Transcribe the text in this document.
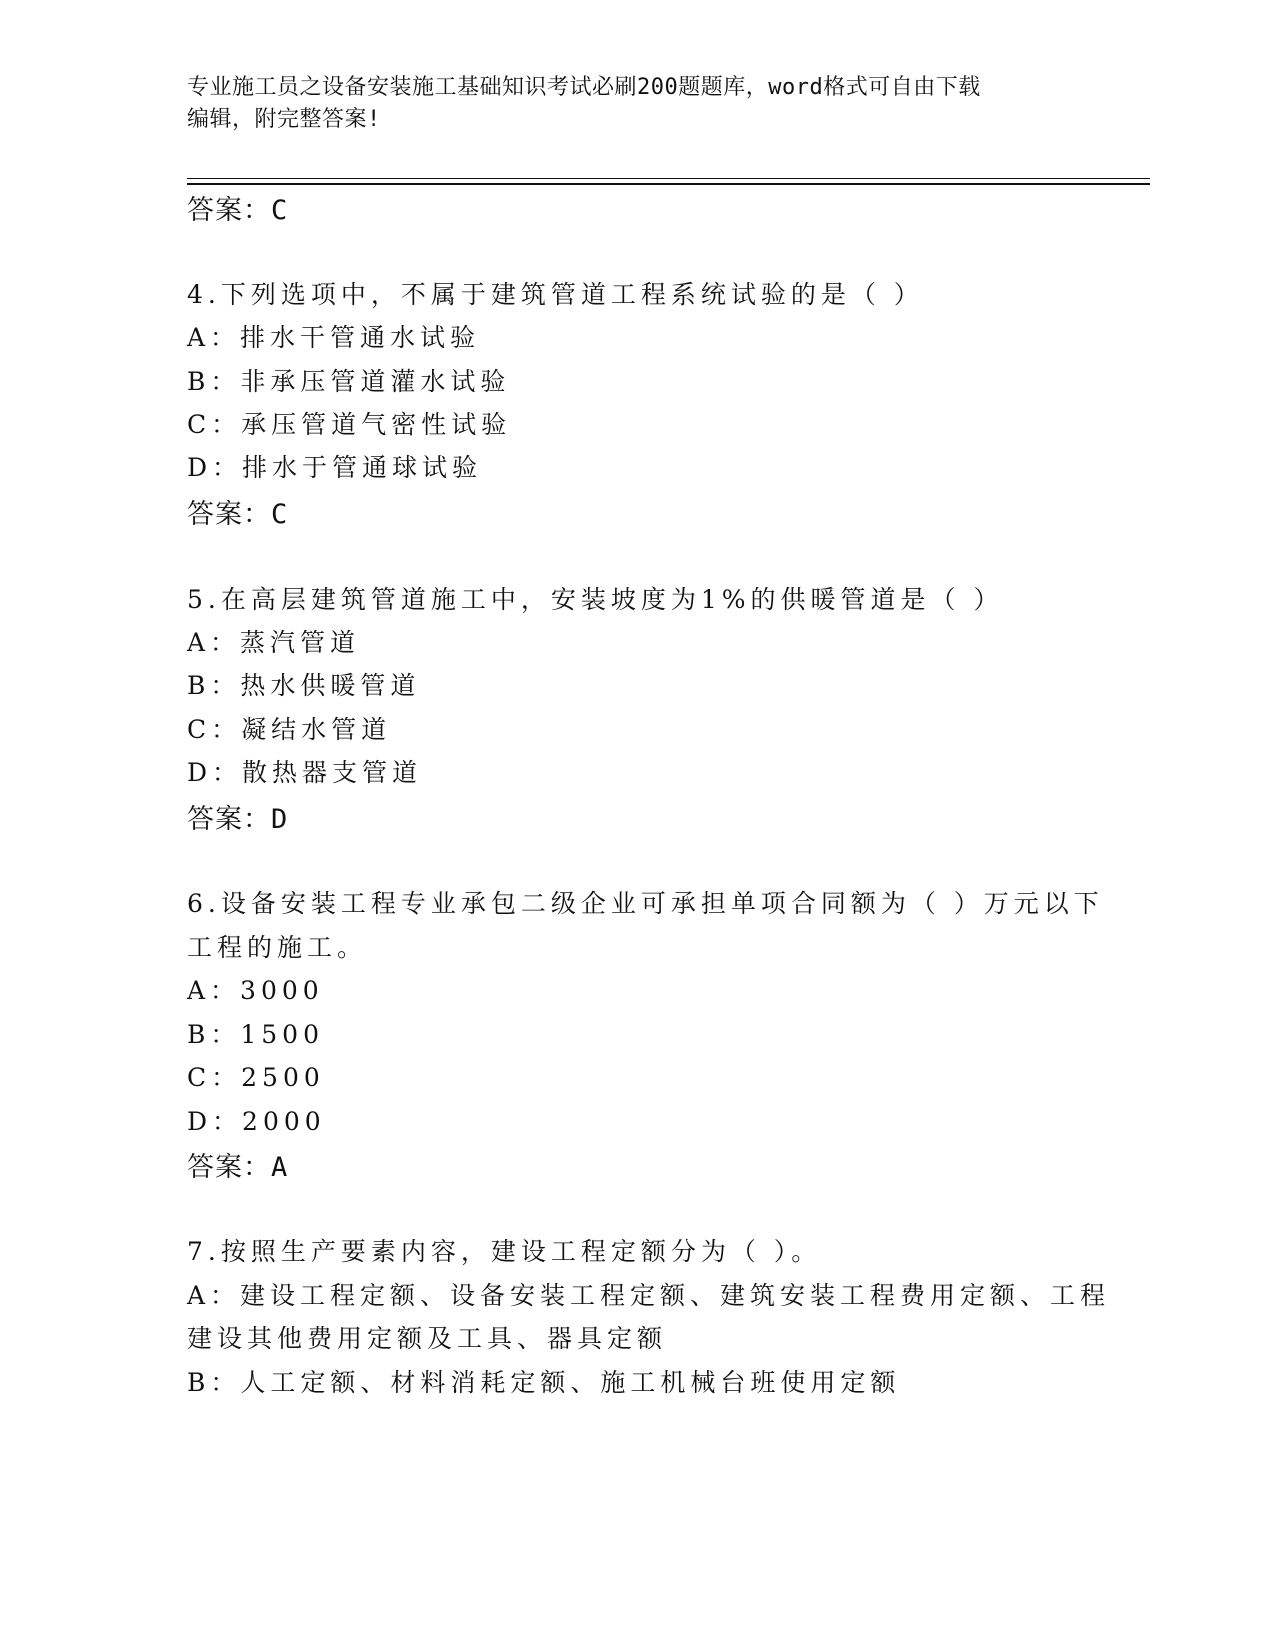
专业施工员之设备安装施工基础知识考试必刷200题题库，word格式可自由下载
编辑，附完整答案!
答案：C
4.下列选项中，不属于建筑管道工程系统试验的是（ ）
A：排水干管通水试验
B：非承压管道灌水试验
C：承压管道气密性试验
D：排水于管通球试验
答案：C
5.在高层建筑管道施工中，安装坡度为1%的供暖管道是（ ）
A：蒸汽管道
B：热水供暖管道
C：凝结水管道
D：散热器支管道
答案：D
6.设备安装工程专业承包二级企业可承担单项合同额为（ ）万元以下
工程的施工。
A：3000
B：1500
C：2500
D：2000
答案：A
7.按照生产要素内容，建设工程定额分为（ ）。
A：建设工程定额、设备安装工程定额、建筑安装工程费用定额、工程
建设其他费用定额及工具、器具定额
B：人工定额、材料消耗定额、施工机械台班使用定额
